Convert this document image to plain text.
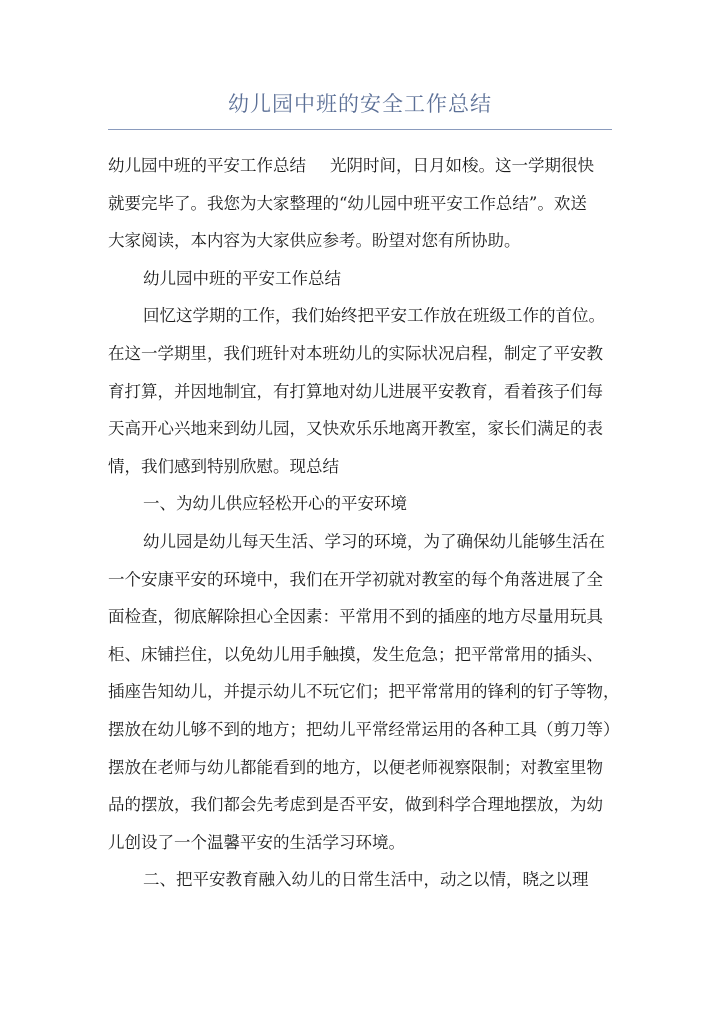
幼儿园中班的安全工作总结
幼儿园中班的平安工作总结 光阴时间，日月如梭。这一学期很快
就要完毕了。我您为大家整理的“幼儿园中班平安工作总结”。欢送
大家阅读，本内容为大家供应参考。盼望对您有所协助。
幼儿园中班的平安工作总结
回忆这学期的工作，我们始终把平安工作放在班级工作的首位。
在这一学期里，我们班针对本班幼儿的实际状况启程，制定了平安教
育打算，并因地制宜，有打算地对幼儿进展平安教育，看着孩子们每
天高开心兴地来到幼儿园，又快欢乐乐地离开教室，家长们满足的表
情，我们感到特别欣慰。现总结
一、为幼儿供应轻松开心的平安环境
幼儿园是幼儿每天生活、学习的环境，为了确保幼儿能够生活在
一个安康平安的环境中，我们在开学初就对教室的每个角落进展了全
面检查，彻底解除担心全因素：平常用不到的插座的地方尽量用玩具
柜、床铺拦住，以免幼儿用手触摸，发生危急；把平常常用的插头、
插座告知幼儿，并提示幼儿不玩它们；把平常常用的锋利的钉子等物，
摆放在幼儿够不到的地方；把幼儿平常经常运用的各种工具（剪刀等）
摆放在老师与幼儿都能看到的地方，以便老师视察限制；对教室里物
品的摆放，我们都会先考虑到是否平安，做到科学合理地摆放，为幼
儿创设了一个温馨平安的生活学习环境。
二、把平安教育融入幼儿的日常生活中，动之以情，晓之以理
